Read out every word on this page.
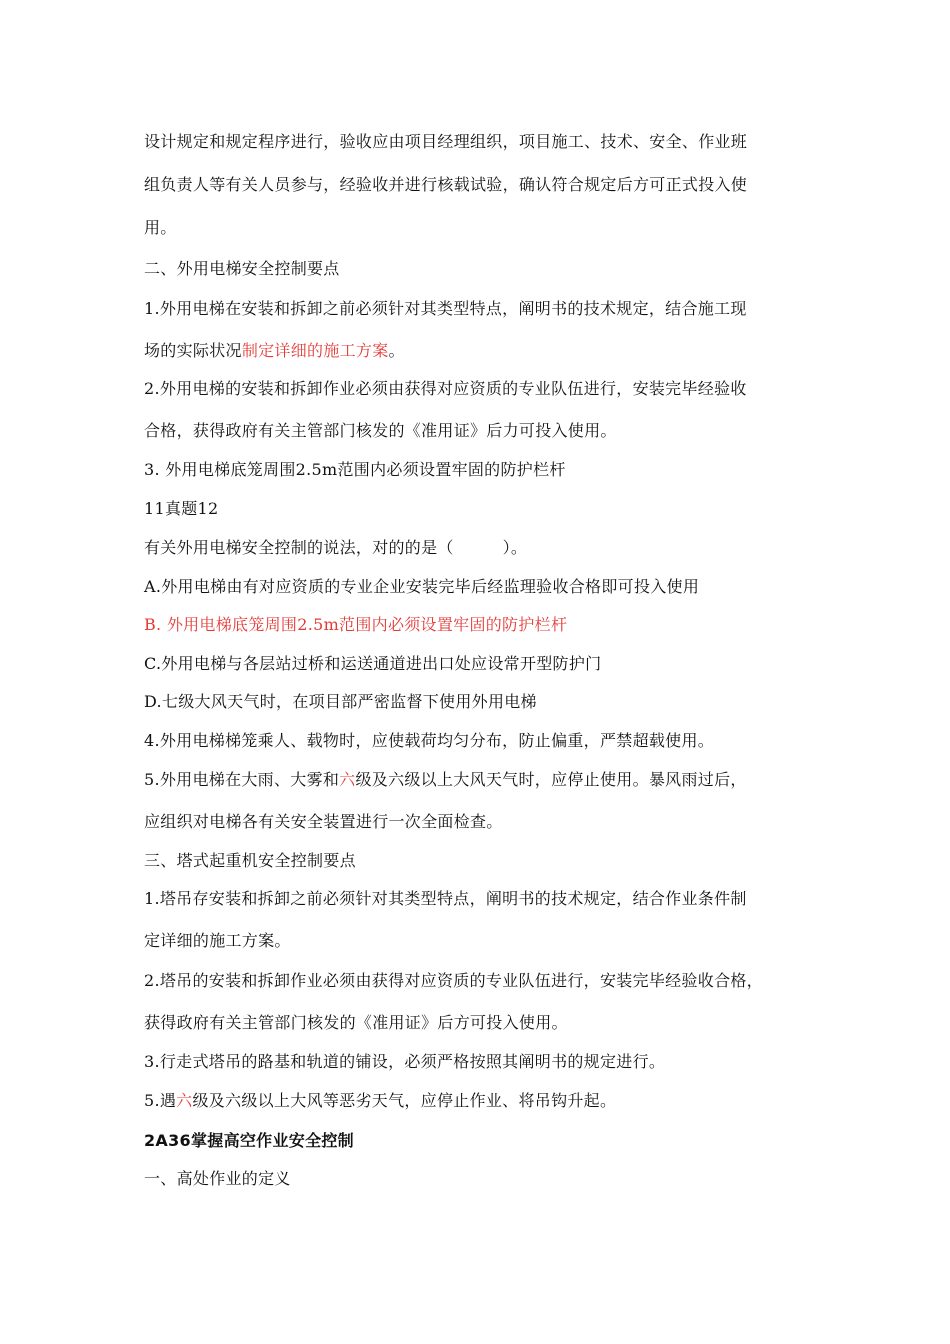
设计规定和规定程序进行，验收应由项目经理组织，项目施工、技术、安全、作业班
组负责人等有关人员参与，经验收并进行核载试验，确认符合规定后方可正式投入使
用。
二、外用电梯安全控制要点
1.外用电梯在安装和拆卸之前必须针对其类型特点，阐明书的技术规定，结合施工现
场的实际状况制定详细的施工方案。
2.外用电梯的安装和拆卸作业必须由获得对应资质的专业队伍进行，安装完毕经验收
合格，获得政府有关主管部门核发的《准用证》后力可投入使用。
3. 外用电梯底笼周围2.5m范围内必须设置牢固的防护栏杆
11真题12
有关外用电梯安全控制的说法，对的的是（　　　）。
A.外用电梯由有对应资质的专业企业安装完毕后经监理验收合格即可投入使用
B. 外用电梯底笼周围2.5m范围内必须设置牢固的防护栏杆
C.外用电梯与各层站过桥和运送通道进出口处应设常开型防护门
D.七级大风天气时，在项目部严密监督下使用外用电梯
4.外用电梯梯笼乘人、载物时，应使载荷均匀分布，防止偏重，严禁超载使用。
5.外用电梯在大雨、大雾和六级及六级以上大风天气时，应停止使用。暴风雨过后，
应组织对电梯各有关安全装置进行一次全面检查。
三、塔式起重机安全控制要点
1.塔吊存安装和拆卸之前必须针对其类型特点，阐明书的技术规定，结合作业条件制
定详细的施工方案。
2.塔吊的安装和拆卸作业必须由获得对应资质的专业队伍进行，安装完毕经验收合格，
获得政府有关主管部门核发的《准用证》后方可投入使用。
3.行走式塔吊的路基和轨道的铺设，必须严格按照其阐明书的规定进行。
5.遇六级及六级以上大风等恶劣天气，应停止作业、将吊钩升起。
2A36掌握高空作业安全控制
一、高处作业的定义
